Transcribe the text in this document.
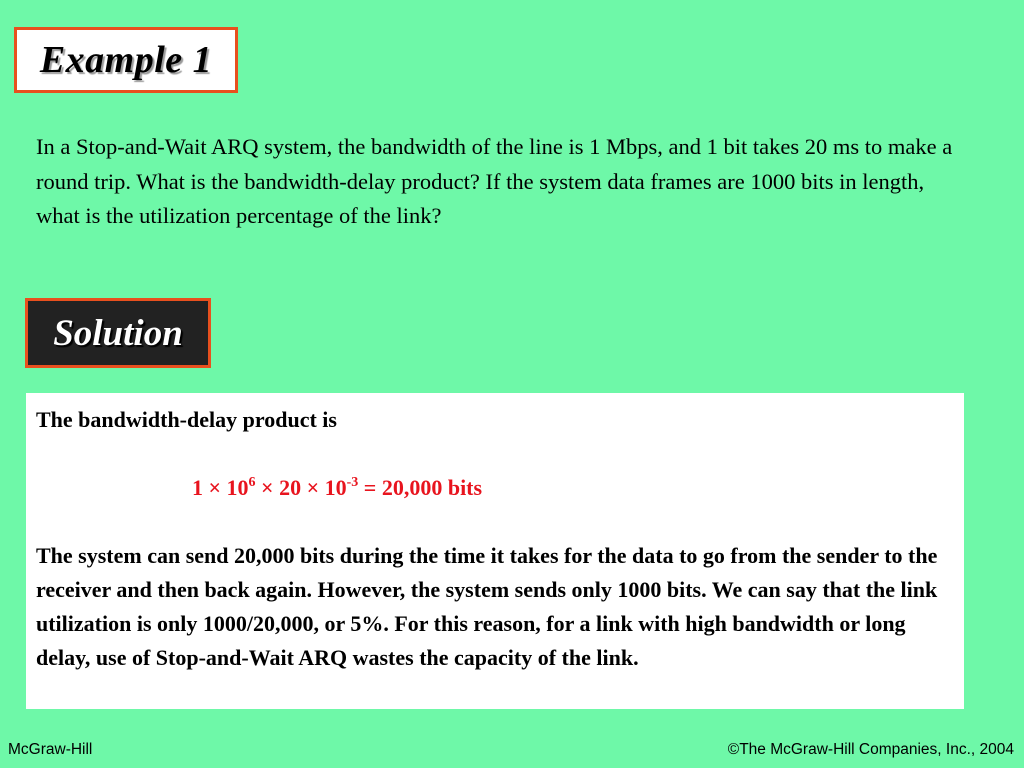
Example 1

In a Stop-and-Wait ARQ system, the bandwidth of the line is 1 Mbps, and 1 bit takes 20 ms to make a round trip. What is the bandwidth-delay product? If the system data frames are 1000 bits in length, what is the utilization percentage of the link?

Solution

The bandwidth-delay product is

$1 \times 10^6 \times 20 \times 10^{-3} = 20,000$ bits

The system can send 20,000 bits during the time it takes for the data to go from the sender to the receiver and then back again. However, the system sends only 1000 bits. We can say that the link utilization is only 1000/20,000, or 5%. For this reason, for a link with high bandwidth or long delay, use of Stop-and-Wait ARQ wastes the capacity of the link.

McGraw-Hill	©The McGraw-Hill Companies, Inc., 2004
